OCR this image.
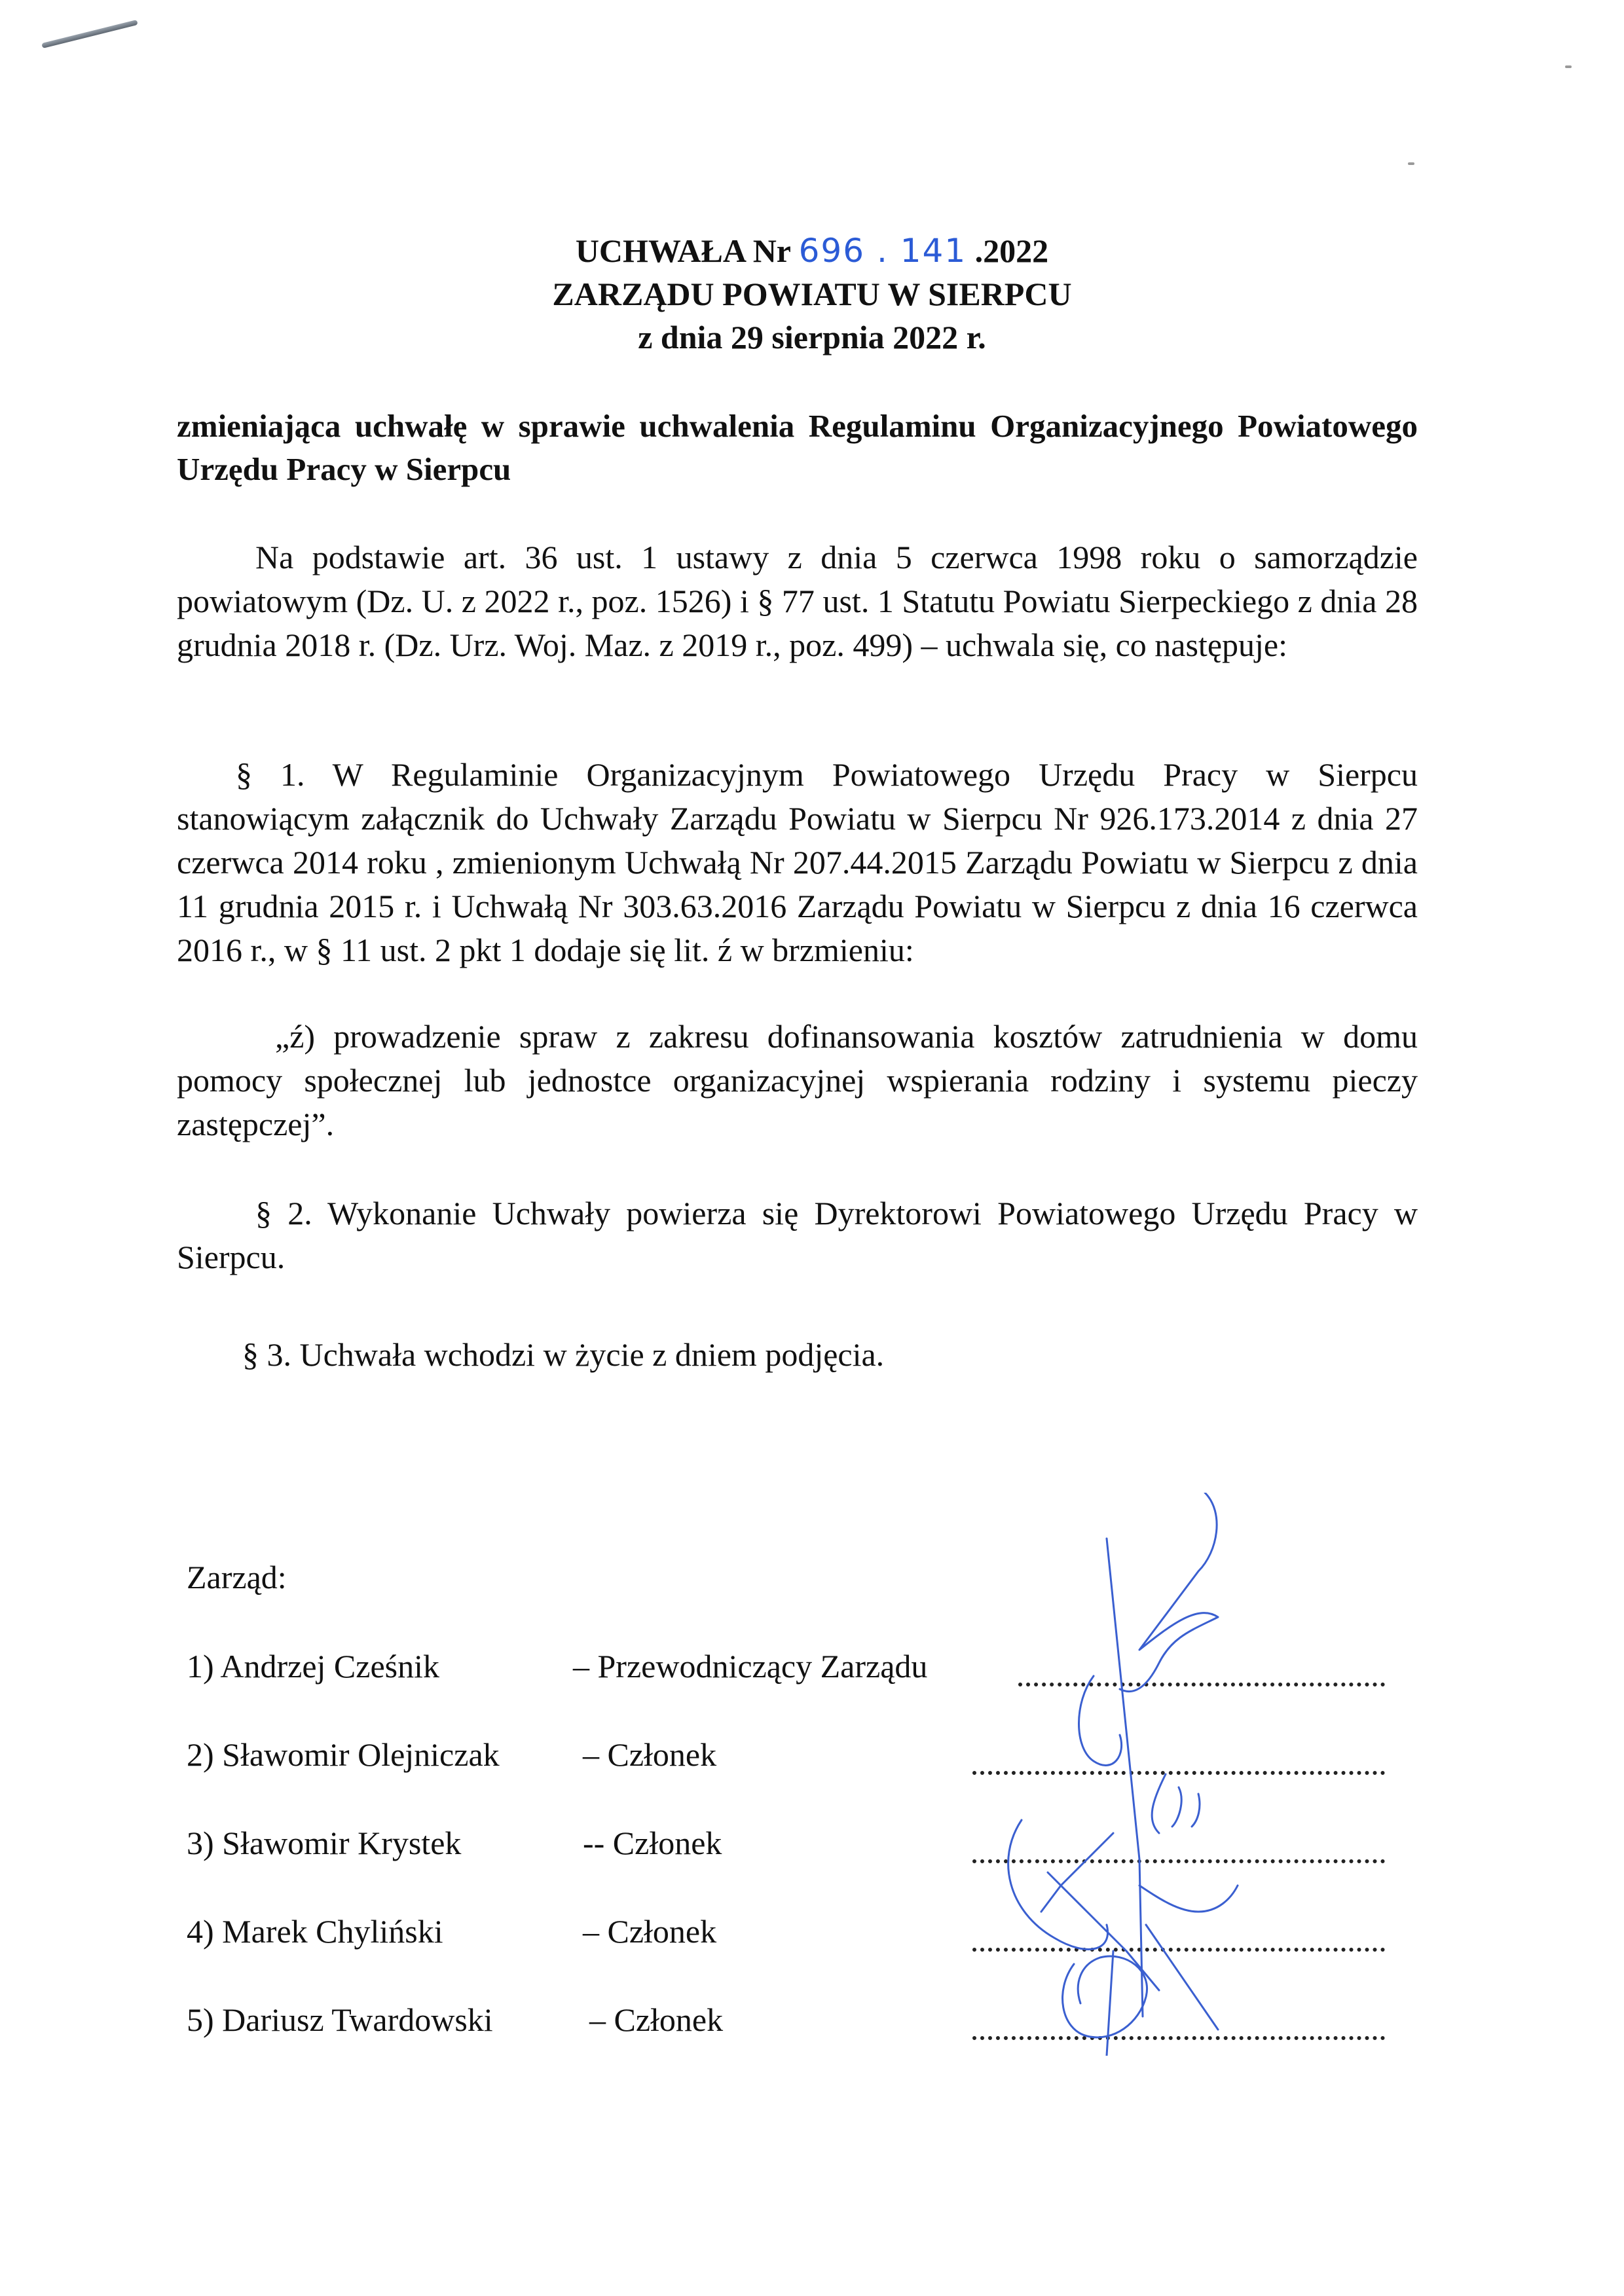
UCHWAŁA Nr 696 . 141 .2022
ZARZĄDU POWIATU W SIERPCU
z dnia 29 sierpnia 2022 r.
zmieniająca uchwałę w sprawie uchwalenia Regulaminu Organizacyjnego Powiatowego Urzędu Pracy w Sierpcu
Na podstawie art. 36 ust. 1 ustawy z dnia 5 czerwca 1998 roku o samorządzie powiatowym (Dz. U. z 2022 r., poz. 1526) i § 77 ust. 1 Statutu Powiatu Sierpeckiego z dnia 28 grudnia 2018 r. (Dz. Urz. Woj. Maz. z 2019 r., poz. 499) – uchwala się, co następuje:
§ 1. W Regulaminie Organizacyjnym Powiatowego Urzędu Pracy w Sierpcu stanowiącym załącznik do Uchwały Zarządu Powiatu w Sierpcu Nr 926.173.2014 z dnia 27 czerwca 2014 roku , zmienionym Uchwałą Nr 207.44.2015 Zarządu Powiatu w Sierpcu z dnia 11 grudnia 2015 r. i Uchwałą Nr 303.63.2016 Zarządu Powiatu w Sierpcu z dnia 16 czerwca 2016 r., w § 11 ust. 2 pkt 1 dodaje się lit. ź w brzmieniu:
„ź) prowadzenie spraw z zakresu dofinansowania kosztów zatrudnienia w domu pomocy społecznej lub jednostce organizacyjnej wspierania rodziny i systemu pieczy zastępczej”.
§ 2. Wykonanie Uchwały powierza się Dyrektorowi Powiatowego Urzędu Pracy w Sierpcu.
§ 3. Uchwała wchodzi w życie z dniem podjęcia.
Zarząd:
1) Andrzej Cześnik	– Przewodniczący Zarządu
2) Sławomir Olejniczak	– Członek
3) Sławomir Krystek	-- Członek
4) Marek Chyliński	– Członek
5) Dariusz Twardowski	– Członek
